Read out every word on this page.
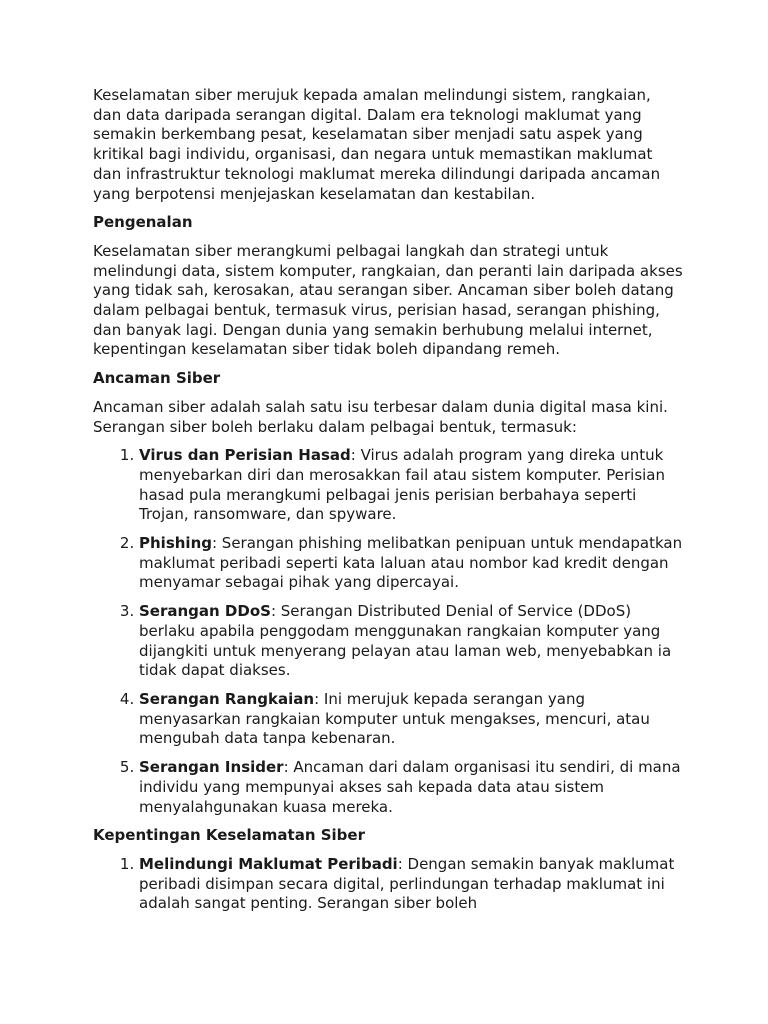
Keselamatan siber merujuk kepada amalan melindungi sistem, rangkaian, dan data daripada serangan digital. Dalam era teknologi maklumat yang semakin berkembang pesat, keselamatan siber menjadi satu aspek yang kritikal bagi individu, organisasi, dan negara untuk memastikan maklumat dan infrastruktur teknologi maklumat mereka dilindungi daripada ancaman yang berpotensi menjejaskan keselamatan dan kestabilan.

Pengenalan

Keselamatan siber merangkumi pelbagai langkah dan strategi untuk melindungi data, sistem komputer, rangkaian, dan peranti lain daripada akses yang tidak sah, kerosakan, atau serangan siber. Ancaman siber boleh datang dalam pelbagai bentuk, termasuk virus, perisian hasad, serangan phishing, dan banyak lagi. Dengan dunia yang semakin berhubung melalui internet, kepentingan keselamatan siber tidak boleh dipandang remeh.

Ancaman Siber

Ancaman siber adalah salah satu isu terbesar dalam dunia digital masa kini. Serangan siber boleh berlaku dalam pelbagai bentuk, termasuk:

1. Virus dan Perisian Hasad: Virus adalah program yang direka untuk menyebarkan diri dan merosakkan fail atau sistem komputer. Perisian hasad pula merangkumi pelbagai jenis perisian berbahaya seperti Trojan, ransomware, dan spyware.
2. Phishing: Serangan phishing melibatkan penipuan untuk mendapatkan maklumat peribadi seperti kata laluan atau nombor kad kredit dengan menyamar sebagai pihak yang dipercayai.
3. Serangan DDoS: Serangan Distributed Denial of Service (DDoS) berlaku apabila penggodam menggunakan rangkaian komputer yang dijangkiti untuk menyerang pelayan atau laman web, menyebabkan ia tidak dapat diakses.
4. Serangan Rangkaian: Ini merujuk kepada serangan yang menyasarkan rangkaian komputer untuk mengakses, mencuri, atau mengubah data tanpa kebenaran.
5. Serangan Insider: Ancaman dari dalam organisasi itu sendiri, di mana individu yang mempunyai akses sah kepada data atau sistem menyalahgunakan kuasa mereka.
Kepentingan Keselamatan Siber
1. Melindungi Maklumat Peribadi: Dengan semakin banyak maklumat peribadi disimpan secara digital, perlindungan terhadap maklumat ini adalah sangat penting. Serangan siber boleh
